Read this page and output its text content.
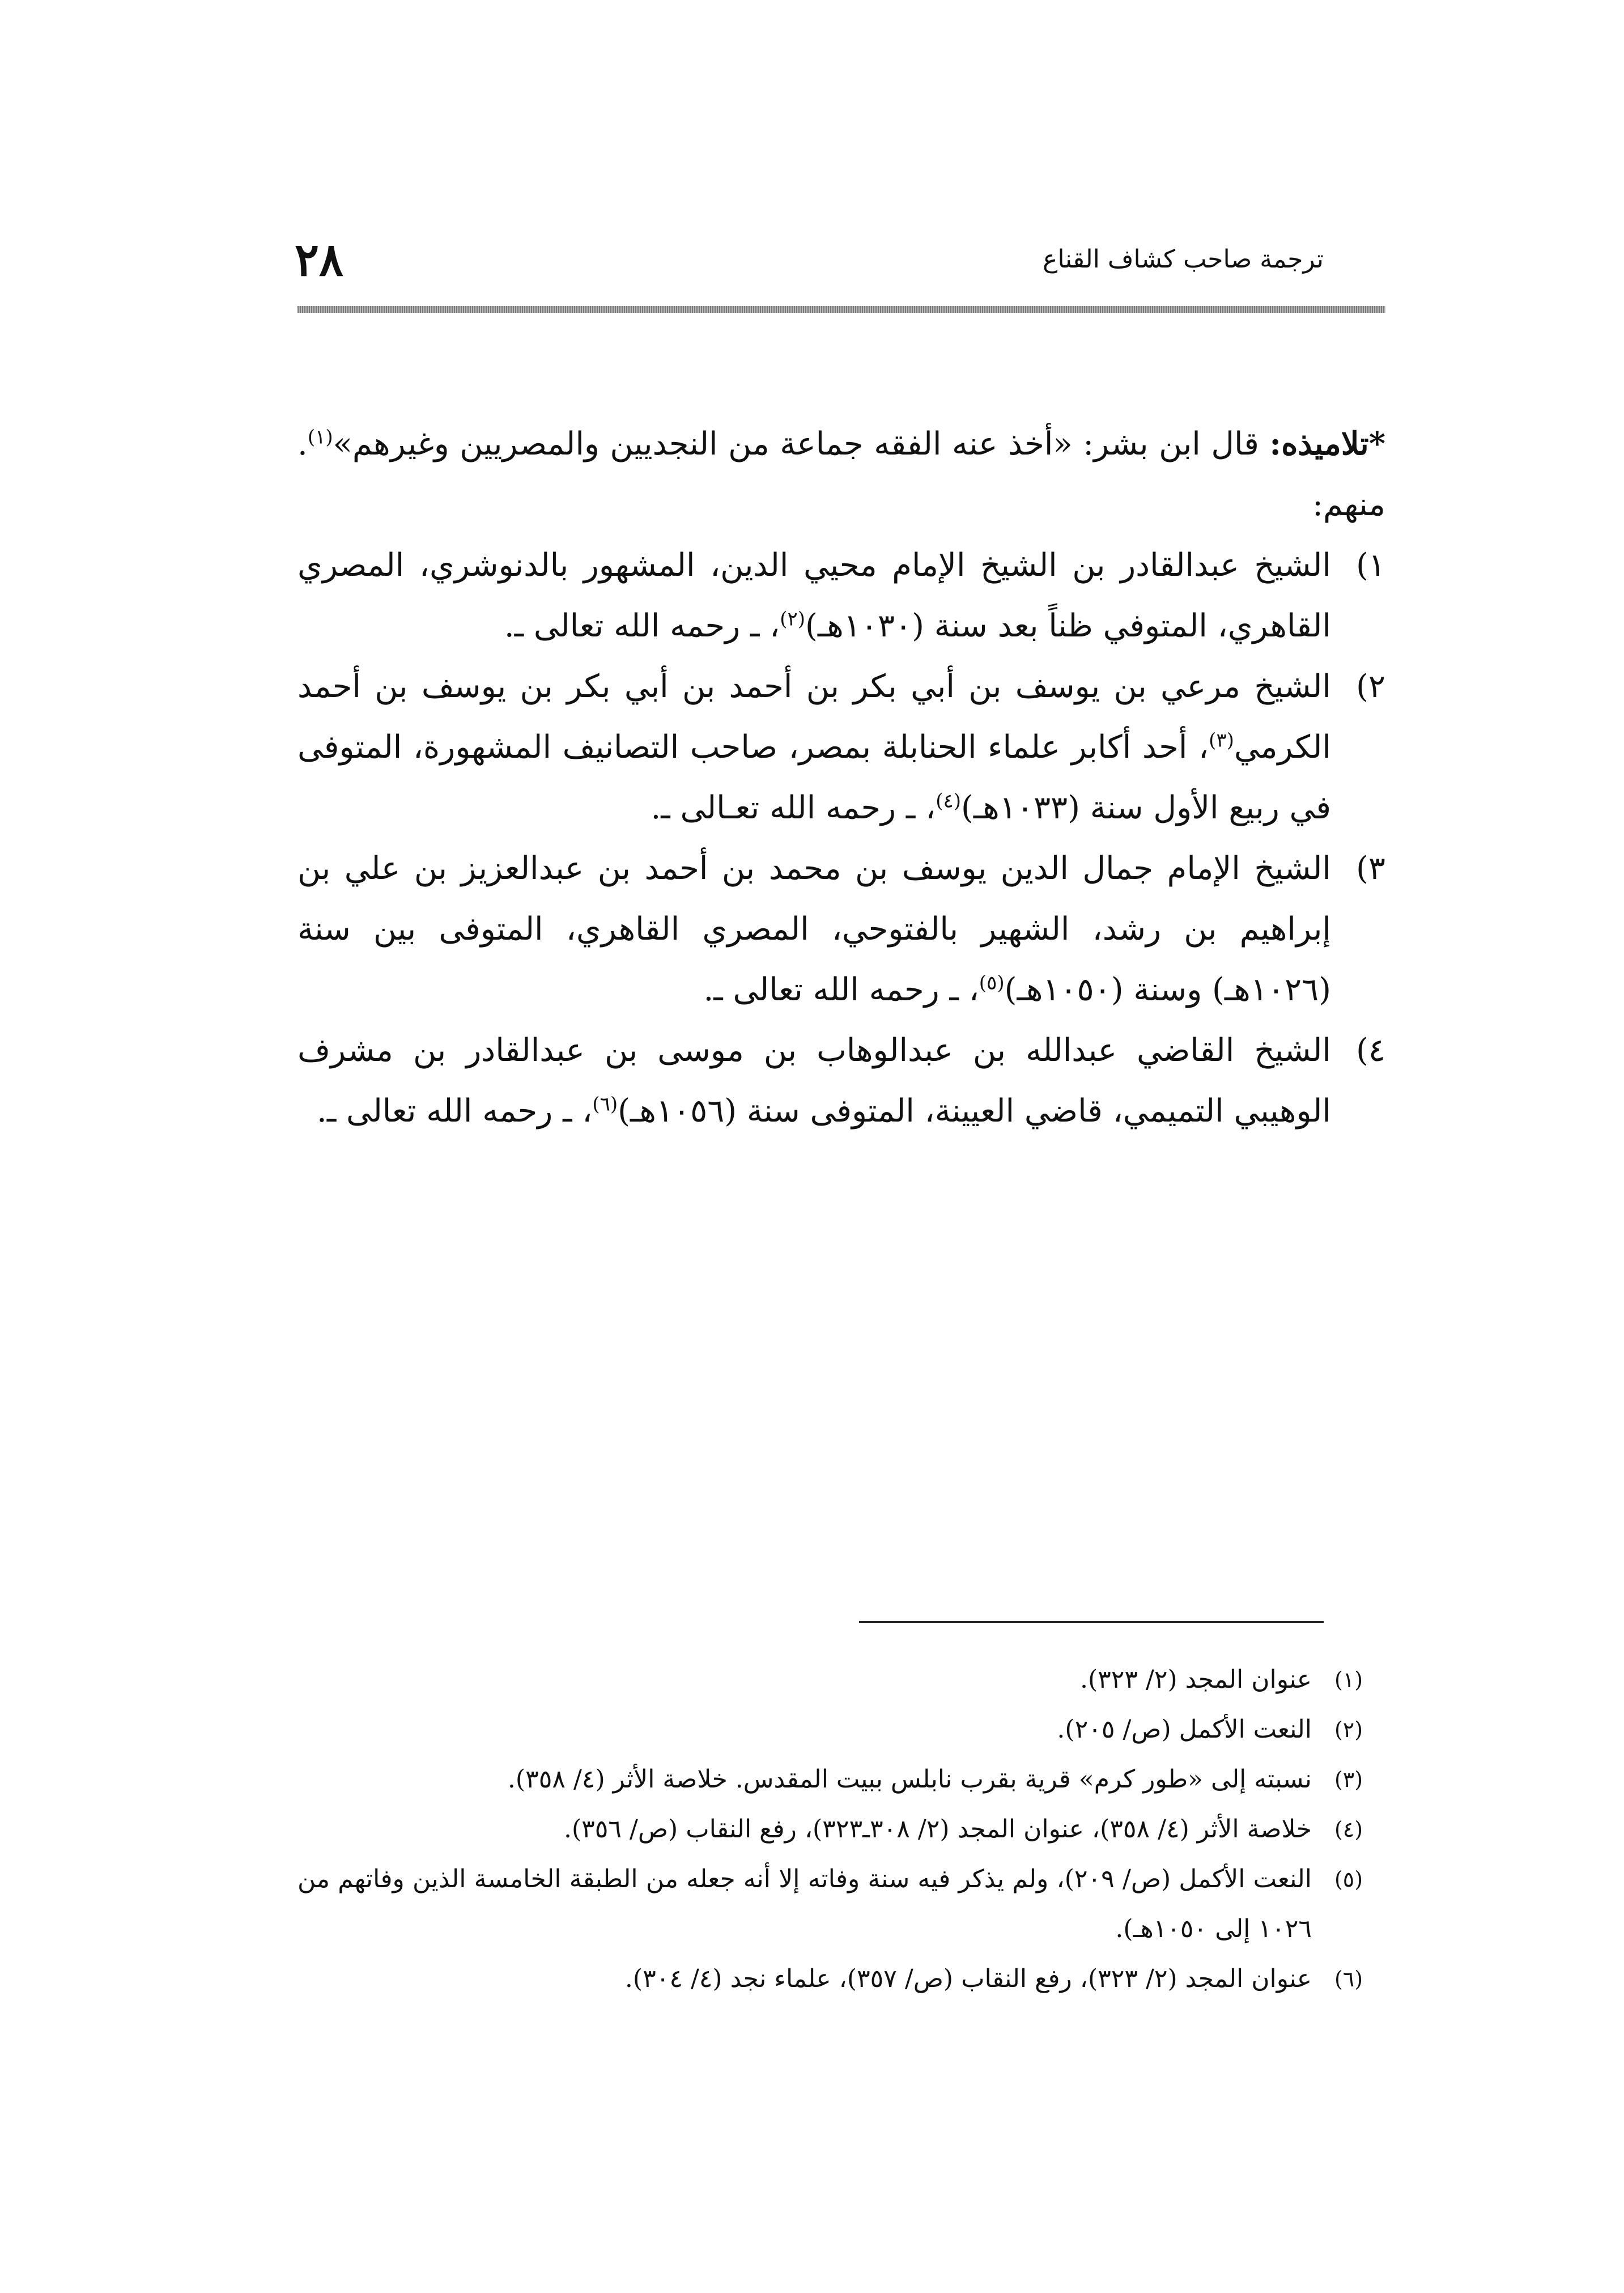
ترجمة صاحب كشاف القناع
٢٨

*تلاميذه: قال ابن بشر: «أخذ عنه الفقه جماعة من النجديين والمصريين وغيرهم»$^{(١)}$. منهم:

١)
الشيخ عبدالقادر بن الشيخ الإمام محيي الدين، المشهور بالدنوشري، المصري القاهري، المتوفي ظناً بعد سنة (١٠٣٠هـ)$^{(٢)}$، ـ رحمه الله تعالى ـ.
٢)
الشيخ مرعي بن يوسف بن أبي بكر بن أحمد بن أبي بكر بن يوسف بن أحمد الكرمي$^{(٣)}$، أحد أكابر علماء الحنابلة بمصر، صاحب التصانيف المشهورة، المتوفى في ربيع الأول سنة (١٠٣٣هـ)$^{(٤)}$، ـ رحمه الله تعـالى ـ.
٣)
الشيخ الإمام جمال الدين يوسف بن محمد بن أحمد بن عبدالعزيز بن علي بن إبراهيم بن رشد، الشهير بالفتوحي، المصري القاهري، المتوفى بين سنة (١٠٢٦هـ) وسنة (١٠٥٠هـ)$^{(٥)}$، ـ رحمه الله تعالى ـ.
٤)
الشيخ القاضي عبدالله بن عبدالوهاب بن موسى بن عبدالقادر بن مشرف الوهيبي التميمي، قاضي العيينة، المتوفى سنة (١٠٥٦هـ)$^{(٦)}$، ـ رحمه الله تعالى ـ.
(١)
عنوان المجد (٢/ ٣٢٣).
(٢)
النعت الأكمل (ص/ ٢٠٥).
(٣)
نسبته إلى «طور كرم» قرية بقرب نابلس ببيت المقدس. خلاصة الأثر (٤/ ٣٥٨).
(٤)
خلاصة الأثر (٤/ ٣٥٨)، عنوان المجد (٢/ ٣٠٨ـ٣٢٣)، رفع النقاب (ص/ ٣٥٦).
(٥)
النعت الأكمل (ص/ ٢٠٩)، ولم يذكر فيه سنة وفاته إلا أنه جعله من الطبقة الخامسة الذين وفاتهم من ١٠٢٦ إلى ١٠٥٠هـ).
(٦)
عنوان المجد (٢/ ٣٢٣)، رفع النقاب (ص/ ٣٥٧)، علماء نجد (٤/ ٣٠٤).
